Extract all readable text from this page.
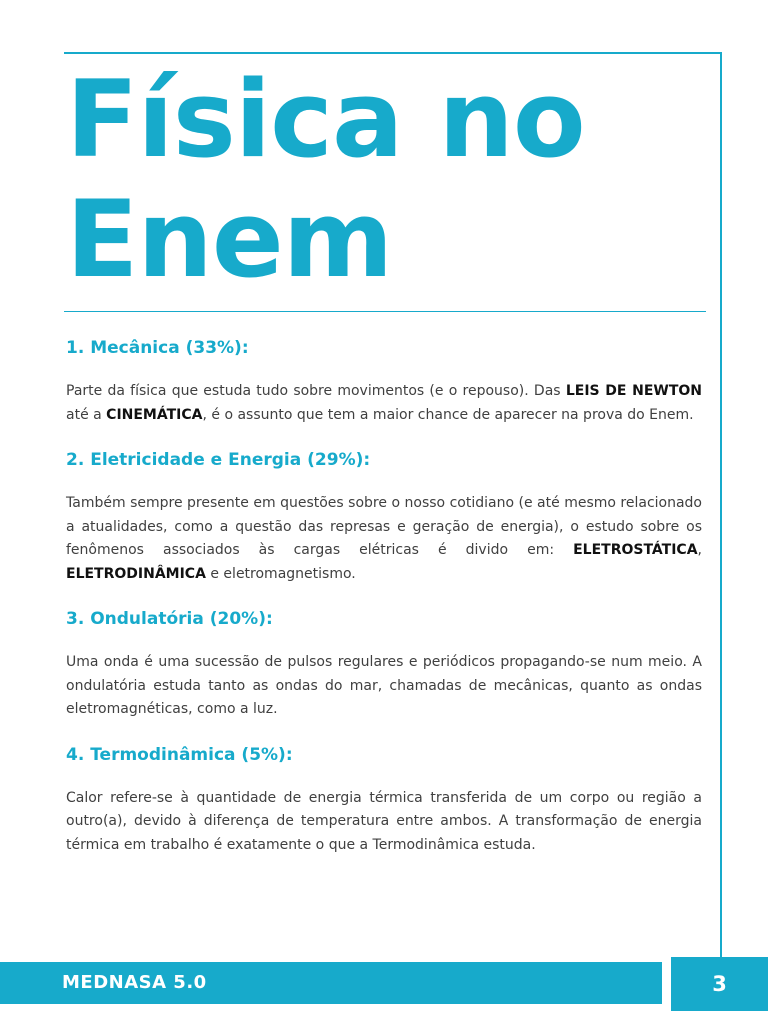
Física no
Enem
1. Mecânica (33%):

Parte da física que estuda tudo sobre movimentos (e o repouso). Das LEIS DE NEWTON até a CINEMÁTICA, é o assunto que tem a maior chance de aparecer na prova do Enem.

2. Eletricidade e Energia (29%):

Também sempre presente em questões sobre o nosso cotidiano (e até mesmo relacionado a atualidades, como a questão das represas e geração de energia), o estudo sobre os fenômenos associados às cargas elétricas é divido em: ELETROSTÁTICA, ELETRODINÂMICA e eletromagnetismo.

3. Ondulatória (20%):

Uma onda é uma sucessão de pulsos regulares e periódicos propagando-se num meio. A ondulatória estuda tanto as ondas do mar, chamadas de mecânicas, quanto as ondas eletromagnéticas, como a luz.

4. Termodinâmica (5%):

Calor refere-se à quantidade de energia térmica transferida de um corpo ou região a outro(a), devido à diferença de temperatura entre ambos. A transformação de energia térmica em trabalho é exatamente o que a Termodinâmica estuda.

MEDNASA 5.0	3
